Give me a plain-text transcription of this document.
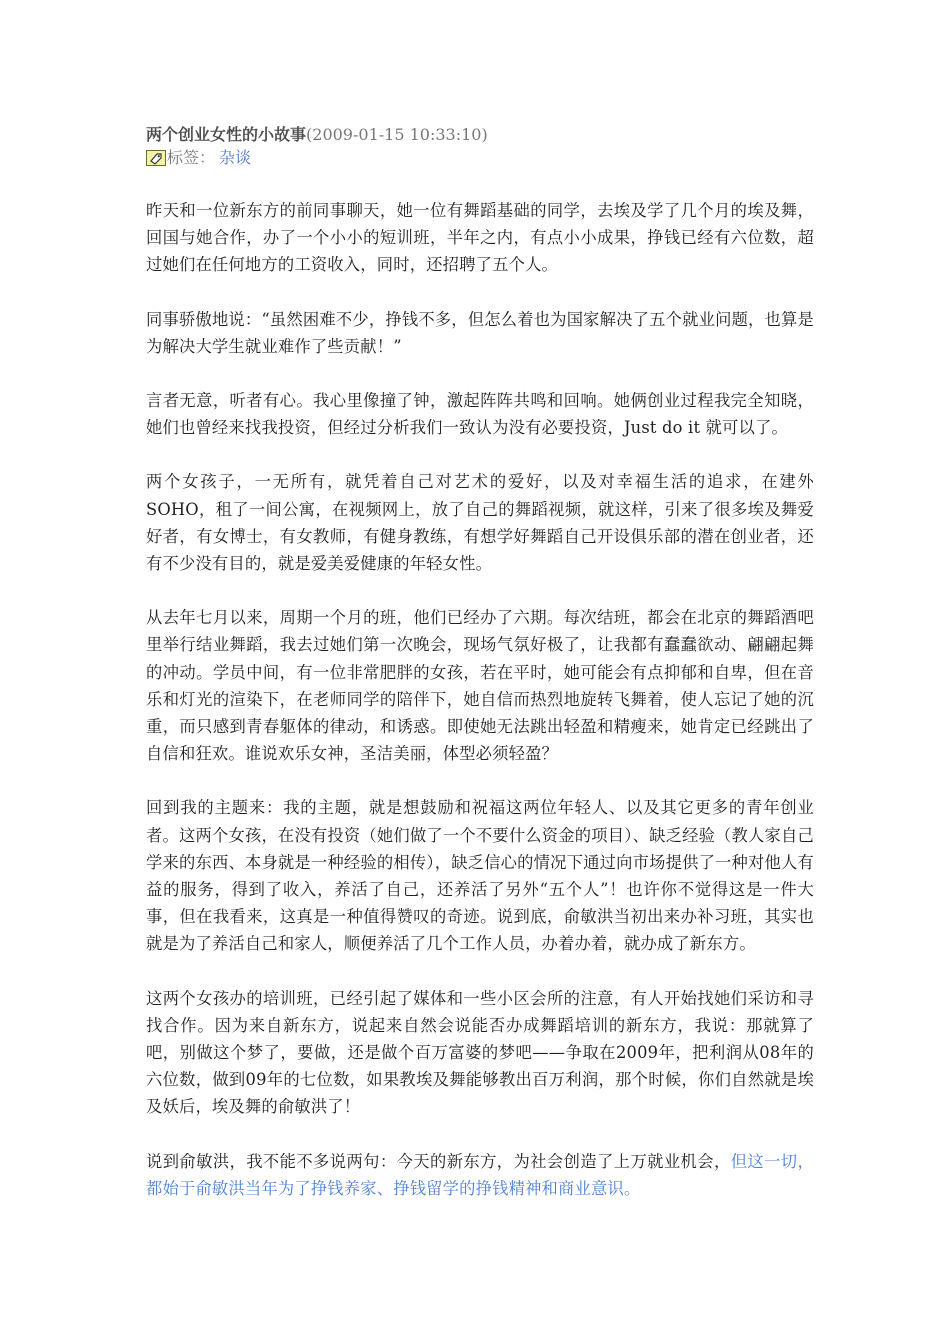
两个创业女性的小故事(2009-01-15 10:33:10)
标签： 杂谈

昨天和一位新东方的前同事聊天，她一位有舞蹈基础的同学，去埃及学了几个月的埃及舞，回国与她合作，办了一个小小的短训班，半年之内，有点小小成果，挣钱已经有六位数，超过她们在任何地方的工资收入，同时，还招聘了五个人。

同事骄傲地说：“虽然困难不少，挣钱不多，但怎么着也为国家解决了五个就业问题，也算是为解决大学生就业难作了些贡献！”

言者无意，听者有心。我心里像撞了钟，激起阵阵共鸣和回响。她俩创业过程我完全知晓，她们也曾经来找我投资，但经过分析我们一致认为没有必要投资，Just do it 就可以了。

两个女孩子，一无所有，就凭着自己对艺术的爱好，以及对幸福生活的追求，在建外SOHO，租了一间公寓，在视频网上，放了自己的舞蹈视频，就这样，引来了很多埃及舞爱好者，有女博士，有女教师，有健身教练，有想学好舞蹈自己开设俱乐部的潜在创业者，还有不少没有目的，就是爱美爱健康的年轻女性。

从去年七月以来，周期一个月的班，他们已经办了六期。每次结班，都会在北京的舞蹈酒吧里举行结业舞蹈，我去过她们第一次晚会，现场气氛好极了，让我都有蠢蠢欲动、翩翩起舞的冲动。学员中间，有一位非常肥胖的女孩，若在平时，她可能会有点抑郁和自卑，但在音乐和灯光的渲染下，在老师同学的陪伴下，她自信而热烈地旋转飞舞着，使人忘记了她的沉重，而只感到青春躯体的律动，和诱惑。即使她无法跳出轻盈和精瘦来，她肯定已经跳出了自信和狂欢。谁说欢乐女神，圣洁美丽，体型必须轻盈？

回到我的主题来：我的主题，就是想鼓励和祝福这两位年轻人、以及其它更多的青年创业者。这两个女孩，在没有投资（她们做了一个不要什么资金的项目）、缺乏经验（教人家自己学来的东西、本身就是一种经验的相传），缺乏信心的情况下通过向市场提供了一种对他人有益的服务，得到了收入，养活了自己，还养活了另外“五个人”！也许你不觉得这是一件大事，但在我看来，这真是一种值得赞叹的奇迹。说到底，俞敏洪当初出来办补习班，其实也就是为了养活自己和家人，顺便养活了几个工作人员，办着办着，就办成了新东方。

这两个女孩办的培训班，已经引起了媒体和一些小区会所的注意，有人开始找她们采访和寻找合作。因为来自新东方，说起来自然会说能否办成舞蹈培训的新东方，我说：那就算了吧，别做这个梦了，要做，还是做个百万富婆的梦吧——争取在2009年，把利润从08年的六位数，做到09年的七位数，如果教埃及舞能够教出百万利润，那个时候，你们自然就是埃及妖后，埃及舞的俞敏洪了！

说到俞敏洪，我不能不多说两句：今天的新东方，为社会创造了上万就业机会，但这一切，都始于俞敏洪当年为了挣钱养家、挣钱留学的挣钱精神和商业意识。
